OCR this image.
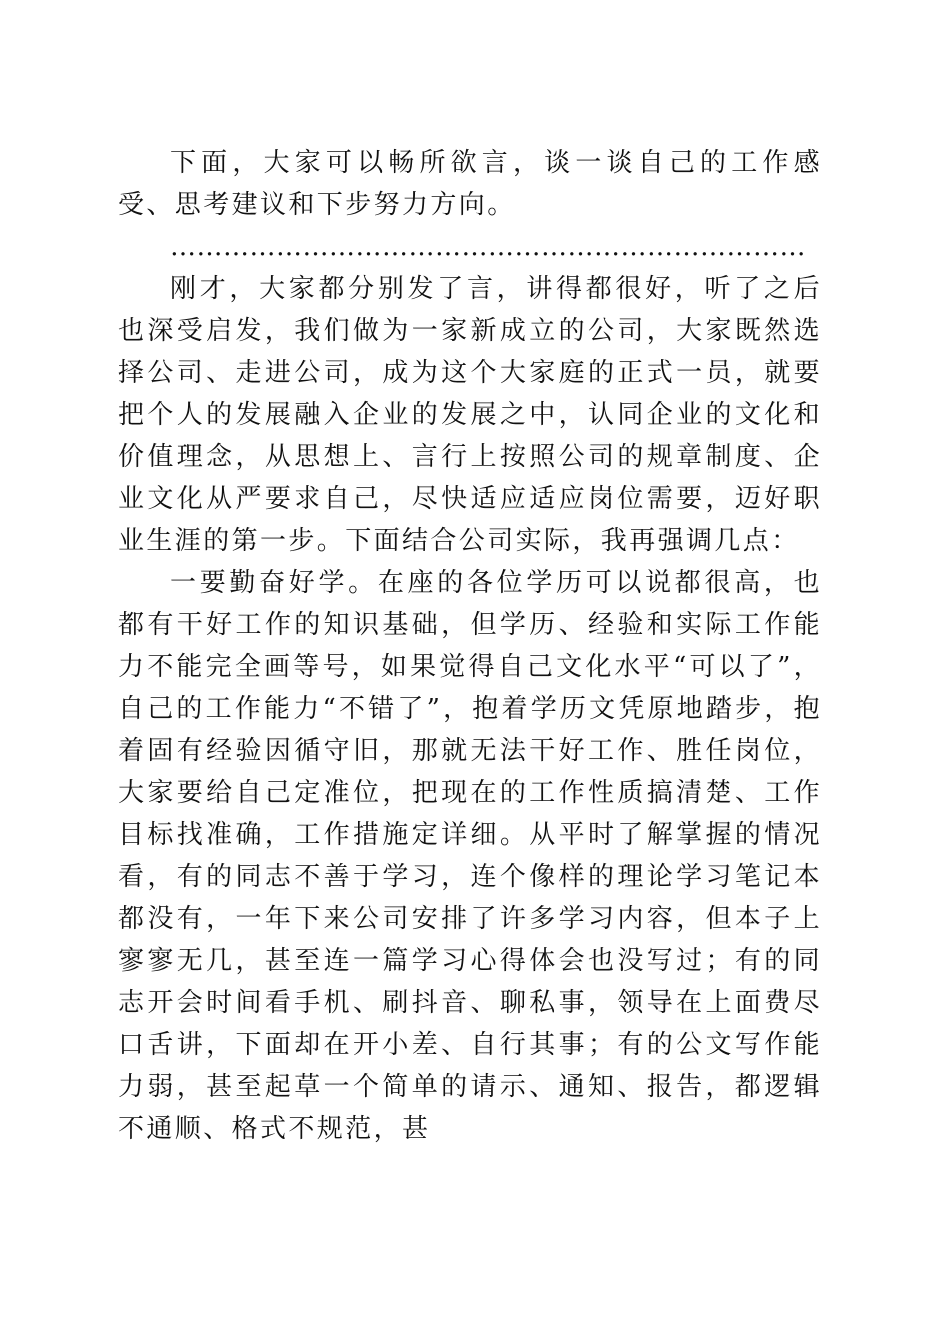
下面，大家可以畅所欲言，谈一谈自己的工作感受、思考建议和下步努力方向。

………………………………………………………………

刚才，大家都分别发了言，讲得都很好，听了之后也深受启发，我们做为一家新成立的公司，大家既然选择公司、走进公司，成为这个大家庭的正式一员，就要把个人的发展融入企业的发展之中，认同企业的文化和价值理念，从思想上、言行上按照公司的规章制度、企业文化从严要求自己，尽快适应适应岗位需要，迈好职业生涯的第一步。下面结合公司实际，我再强调几点：

一要勤奋好学。在座的各位学历可以说都很高，也都有干好工作的知识基础，但学历、经验和实际工作能力不能完全画等号，如果觉得自己文化水平“可以了”，自己的工作能力“不错了”，抱着学历文凭原地踏步，抱着固有经验因循守旧，那就无法干好工作、胜任岗位，大家要给自己定准位，把现在的工作性质搞清楚、工作目标找准确，工作措施定详细。从平时了解掌握的情况看，有的同志不善于学习，连个像样的理论学习笔记本都没有，一年下来公司安排了许多学习内容，但本子上寥寥无几，甚至连一篇学习心得体会也没写过；有的同志开会时间看手机、刷抖音、聊私事，领导在上面费尽口舌讲，下面却在开小差、自行其事；有的公文写作能力弱，甚至起草一个简单的请示、通知、报告，都逻辑不通顺、格式不规范，甚
